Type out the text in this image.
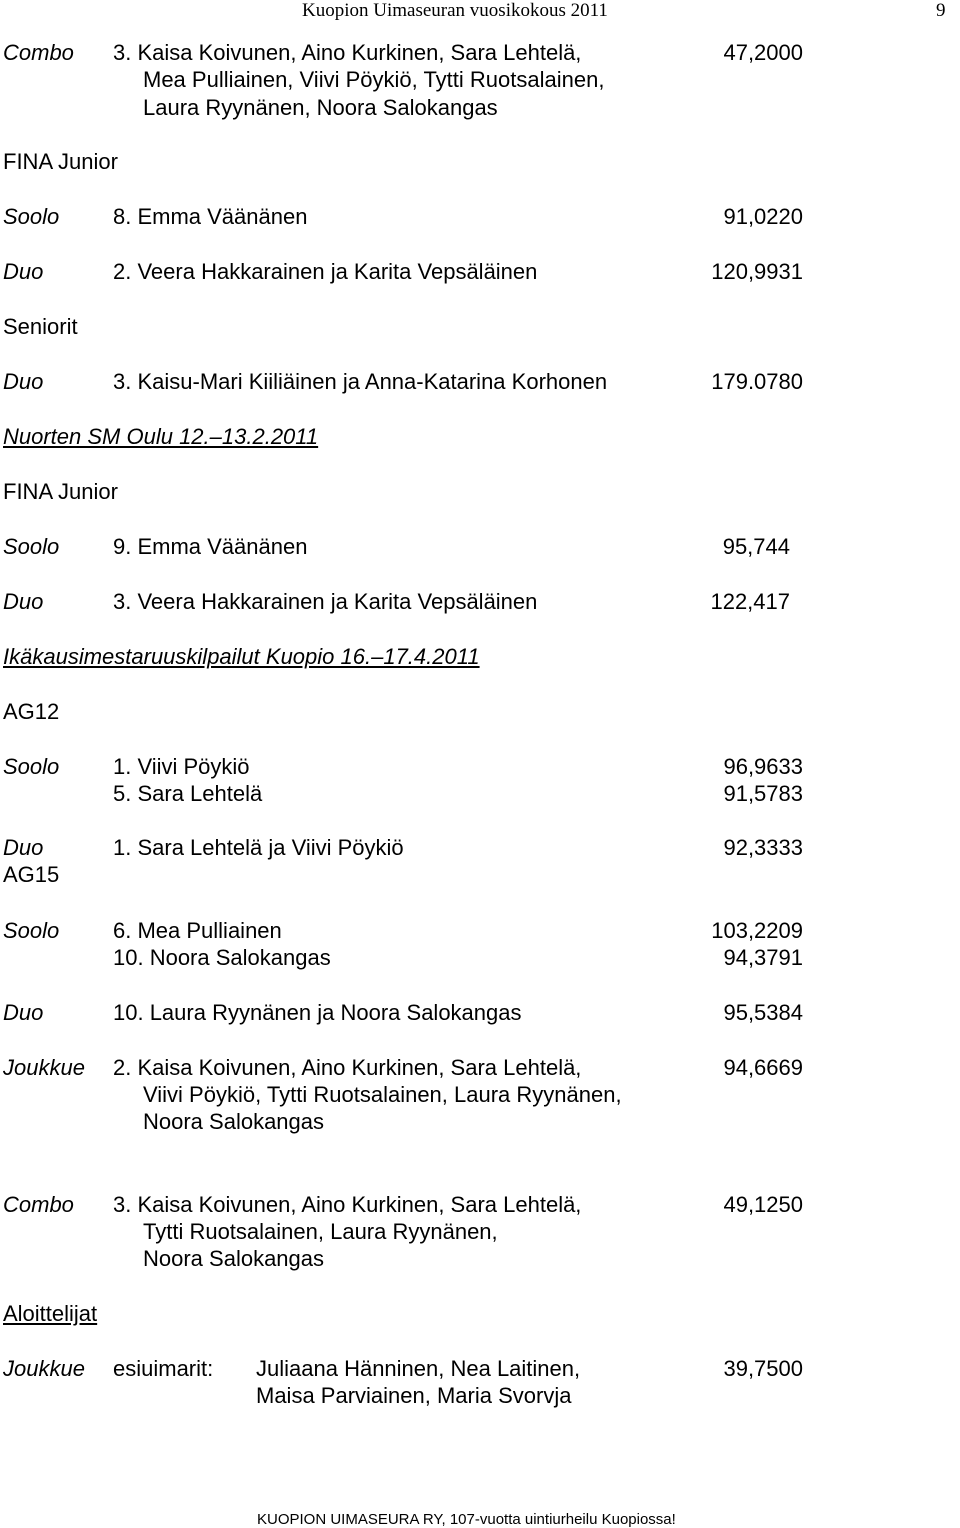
Kuopion Uimaseuran vuosikokous 2011	9
Combo 3. Kaisa Koivunen, Aino Kurkinen, Sara Lehtelä,	47,2000
Mea Pulliainen, Viivi Pöykiö, Tytti Ruotsalainen,
Laura Ryynänen, Noora Salokangas
FINA Junior
Soolo 8. Emma Väänänen	91,0220
Duo	2. Veera Hakkarainen ja Karita Vepsäläinen	120,9931
Seniorit
Duo	3. Kaisu-Mari Kiiliäinen ja Anna-Katarina Korhonen	179.0780
Nuorten SM Oulu 12.–13.2.2011
FINA Junior
Soolo 9. Emma Väänänen	95,744
Duo	3. Veera Hakkarainen ja Karita Vepsäläinen	122,417
Ikäkausimestaruuskilpailut Kuopio 16.–17.4.2011
AG12
Soolo 1. Viivi Pöykiö	96,9633
5. Sara Lehtelä	91,5783
Duo	1. Sara Lehtelä ja Viivi Pöykiö	92,3333
AG15
Soolo 6. Mea Pulliainen	103,2209
10. Noora Salokangas	94,3791
Duo	10. Laura Ryynänen ja Noora Salokangas	95,5384
Joukkue 2. Kaisa Koivunen, Aino Kurkinen, Sara Lehtelä,	94,6669
Viivi Pöykiö, Tytti Ruotsalainen, Laura Ryynänen,
Noora Salokangas
Combo 3. Kaisa Koivunen, Aino Kurkinen, Sara Lehtelä,	49,1250
Tytti Ruotsalainen, Laura Ryynänen,
Noora Salokangas
Aloittelijat
Joukkue esiuimarit: Juliaana Hänninen, Nea Laitinen,	39,7500
Maisa Parviainen, Maria Svorvja
KUOPION UIMASEURA RY, 107-vuotta uintiurheilu Kuopiossa!
